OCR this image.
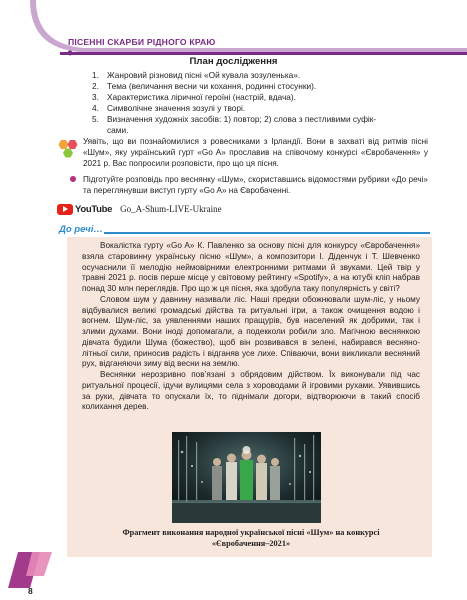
ПІСЕННІ СКАРБИ РІДНОГО КРАЮ
План дослідження
1. Жанровий різновид пісні «Ой кувала зозуленька».
2. Тема (величання весни чи кохання, родинні стосунки).
3. Характеристика ліричної героїні (настрій, вдача).
4. Символічне значення зозулі у творі.
5. Визначення художніх засобів: 1) повтор; 2) слова з пестливими суфік-
сами.
Уявіть, що ви познайомилися з ровесниками з Ірландії. Вони в захваті від ритмів пісні «Шум», яку український гурт «Go A» прославив на співочому конкурсі «Євробачення» у 2021 р. Вас попросили розповісти, про що ця пісня.
Підготуйте розповідь про веснянку «Шум», скориставшись відомостями рубрики «До речі» та переглянувши виступ гурту «Go A» на Євробаченні.
YouTube Go_A-Shum-LIVE-Ukraine
До речі…
Вокалістка гурту «Go A» К. Павленко за основу пісні для конкурсу «Євробачення» взяла старовинну українську пісню «Шум», а композитори І. Діденчук і Т. Шевченко осучаснили її мелодію неймовірними електронними ритмами й звуками. Цей твір у травні 2021 р. посів перше місце у світовому рейтингу «Spotify», а на ютубі кліп набрав понад 30 млн переглядів. Про що ж ця пісня, яка здобула таку популярність у світі?
Словом шум у давнину називали ліс. Наші предки обожнювали шум-ліс, у ньому відбувалися великі громадські дійства та ритуальні ігри, а також очищення водою і вогнем. Шум-ліс, за уявленнями наших пращурів, був населений як добрими, так і злими духами. Вони іноді допомагали, а подекколи робили зло. Магічною веснянкою дівчата будили Шума (божество), щоб він розвивався в зелені, набирався весняно-літньої сили, приносив радість і відганяв усе лихе. Співаючи, вони викликали весняний рух, відганяючи зиму від весни на землю.
Веснянки нерозривно пов’язані з обрядовим дійством. Їх виконували під час ритуальної процесії, ідучи вулицями села з хороводами й ігровими рухами. Уявившись за руки, дівчата то опускали їх, то піднімали догори, відтворюючи в такий спосіб колихання дерев.
Фрагмент виконання народної української пісні «Шум» на конкурсі
«Євробачення–2021»
8
